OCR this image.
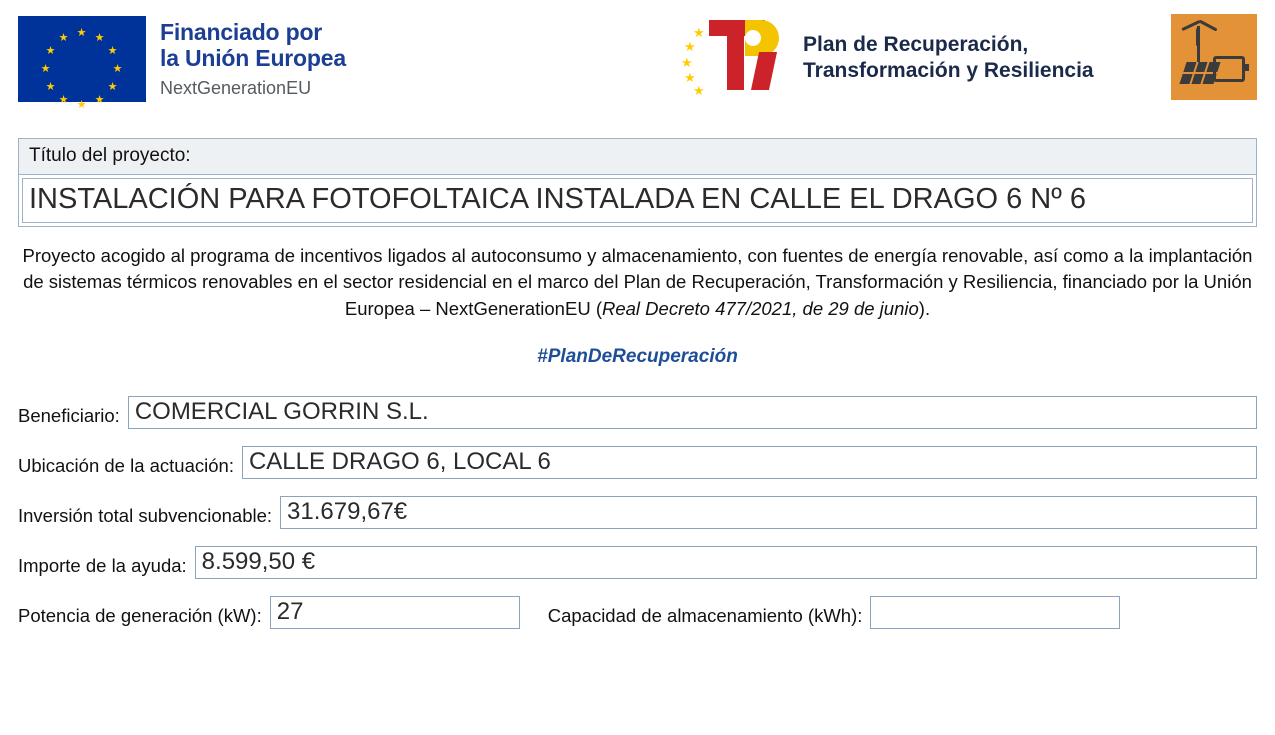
★ ★
★
★
★
★
★
★
★
★
★
★	Financiado por
la Unión Europea
NextGenerationEU
★
★
★
★
★
Plan de Recuperación,
Transformación y Resiliencia
Título del proyecto:
INSTALACIÓN PARA FOTOFOLTAICA INSTALADA EN CALLE EL DRAGO 6 Nº 6
Proyecto acogido al programa de incentivos ligados al autoconsumo y almacenamiento, con fuentes de energía renovable, así como a la implantación de sistemas térmicos renovables en el sector residencial en el marco del Plan de Recuperación, Transformación y Resiliencia, financiado por la Unión Europea – NextGenerationEU (Real Decreto 477/2021, de 29 de junio).
#PlanDeRecuperación
Beneficiario: COMERCIAL GORRIN S.L.
Ubicación de la actuación: CALLE DRAGO 6, LOCAL 6
Inversión total subvencionable: 31.679,67€
Importe de la ayuda: 8.599,50 €
Potencia de generación (kW): 27	Capacidad de almacenamiento (kWh):
